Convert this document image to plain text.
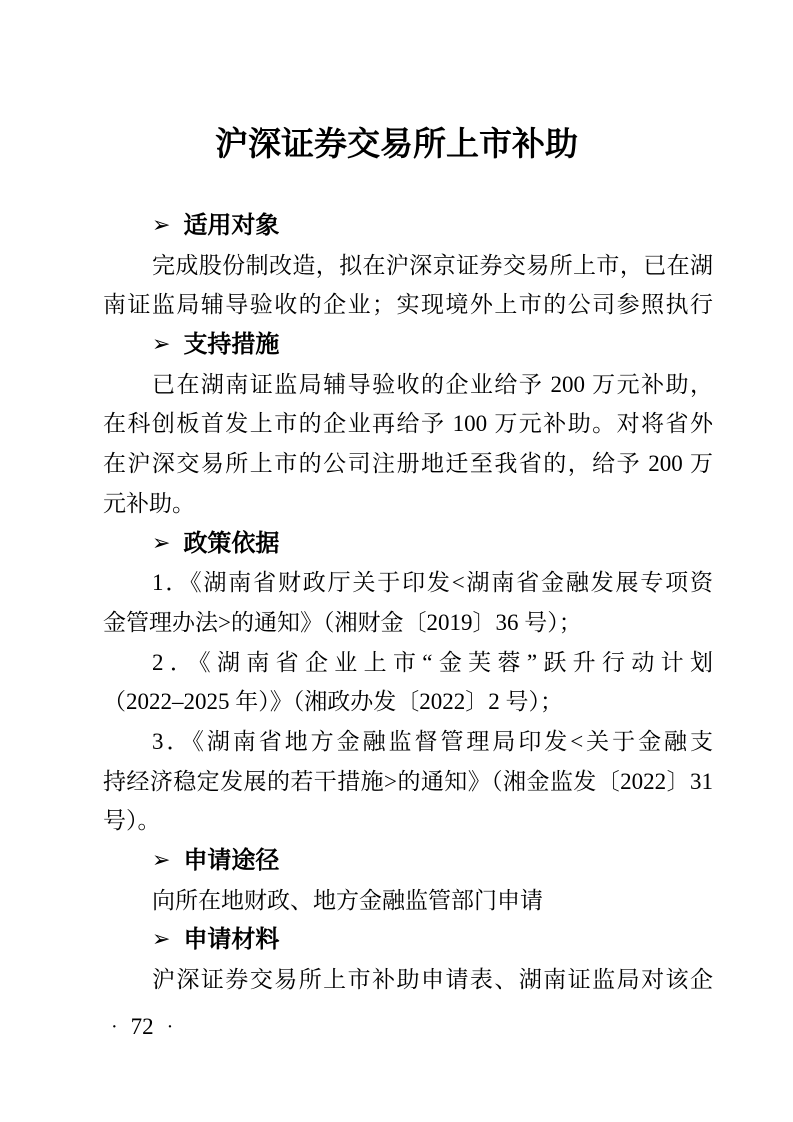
沪深证券交易所上市补助
➢ 适用对象
完成股份制改造，拟在沪深京证券交易所上市，已在湖
南证监局辅导验收的企业；实现境外上市的公司参照执行
➢ 支持措施
已在湖南证监局辅导验收的企业给予 200 万元补助，
在科创板首发上市的企业再给予 100 万元补助。对将省外
在沪深交易所上市的公司注册地迁至我省的，给予 200 万
元补助。
➢ 政策依据
1．《湖南省财政厅关于印发<湖南省金融发展专项资
金管理办法>的通知》（湘财金〔2019〕36 号）；
2．《湖南省企业上市“金芙蓉”跃升行动计划
（2022–2025 年）》（湘政办发〔2022〕2 号）；
3．《湖南省地方金融监督管理局印发<关于金融支
持经济稳定发展的若干措施>的通知》（湘金监发〔2022〕31
号）。
➢ 申请途径
向所在地财政、地方金融监管部门申请
➢ 申请材料
沪深证券交易所上市补助申请表、湖南证监局对该企
· 72 ·
